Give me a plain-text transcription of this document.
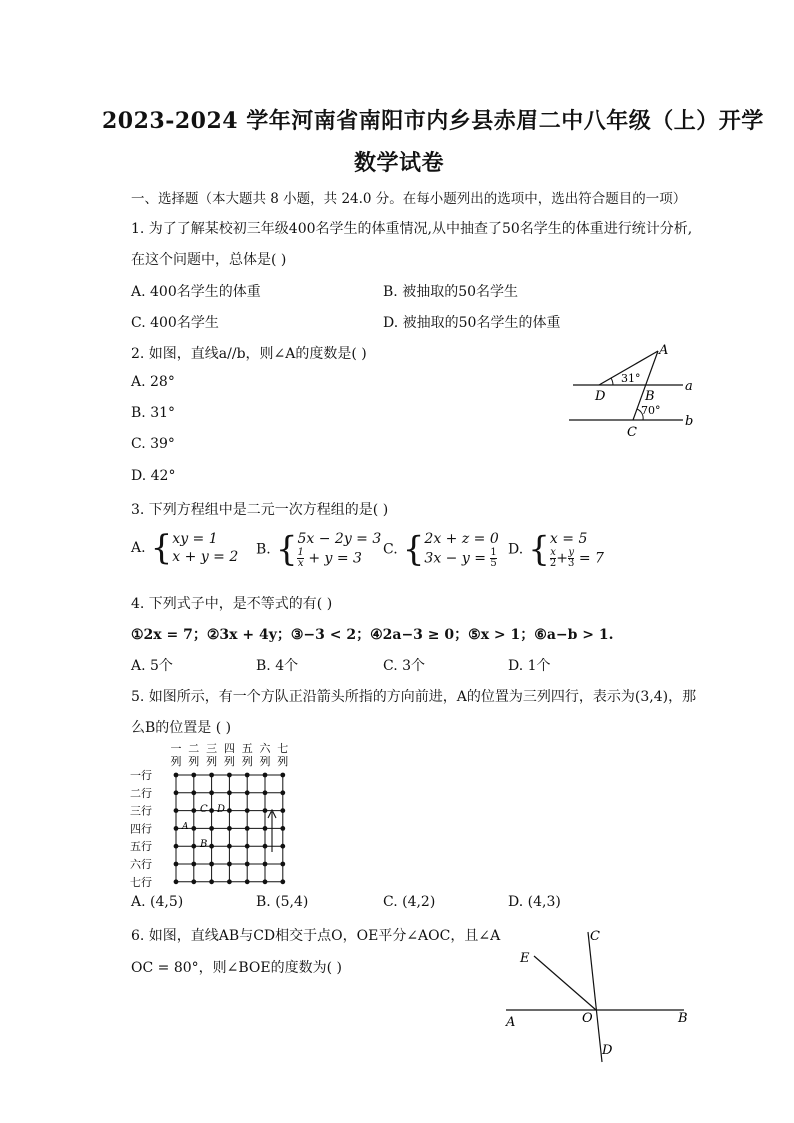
2023-2024 学年河南省南阳市内乡县赤眉二中八年级（上）开学
数学试卷
一、选择题（本大题共 8 小题，共 24.0 分。在每小题列出的选项中，选出符合题目的一项）
1. 为了了解某校初三年级400名学生的体重情况,从中抽查了50名学生的体重进行统计分析,
在这个问题中，总体是( )
A. 400名学生的体重	B. 被抽取的50名学生
C. 400名学生	D. 被抽取的50名学生的体重
2. 如图，直线a//b，则∠A的度数是( )
A. 28°
B. 31°
C. 39°
D. 42°
A
D	B
C
a
b
31°
70°
3. 下列方程组中是二元一次方程组的是( )
A. { xy = 1
x + y = 2 B. { 5x − 2y = 3
$\frac{1}{x} + y = 3$
C. { 2x + z = 0
$3x - y = \frac{1}{5} D$. { x = 5
$\frac{x}{2} + \frac{y}{3} = 7$
4. 下列式子中，是不等式的有( )
①2x = 7；②3x + 4y；③−3 < 2；④2a−3 ≥ 0；⑤x > 1；⑥a−b > 1.
A. 5个	B. 4个	C. 3个	D. 1个
5. 如图所示，有一个方队正沿箭头所指的方向前进，A的位置为三列四行，表示为(3,4)，那
么B的位置是 ( )
一 二 三 四 五 六 七
列 列 列 列 列 列 列
一行
二行
三行
四行
五行
六行
七行
C D
A
B
A. (4,5)	B. (5,4)	C. (4,2)	D. (4,3)
6. 如图，直线AB与CD相交于点O，OE平分∠AOC，且∠A
OC = 80°，则∠BOE的度数为( )
C
E
A	O	B
D
